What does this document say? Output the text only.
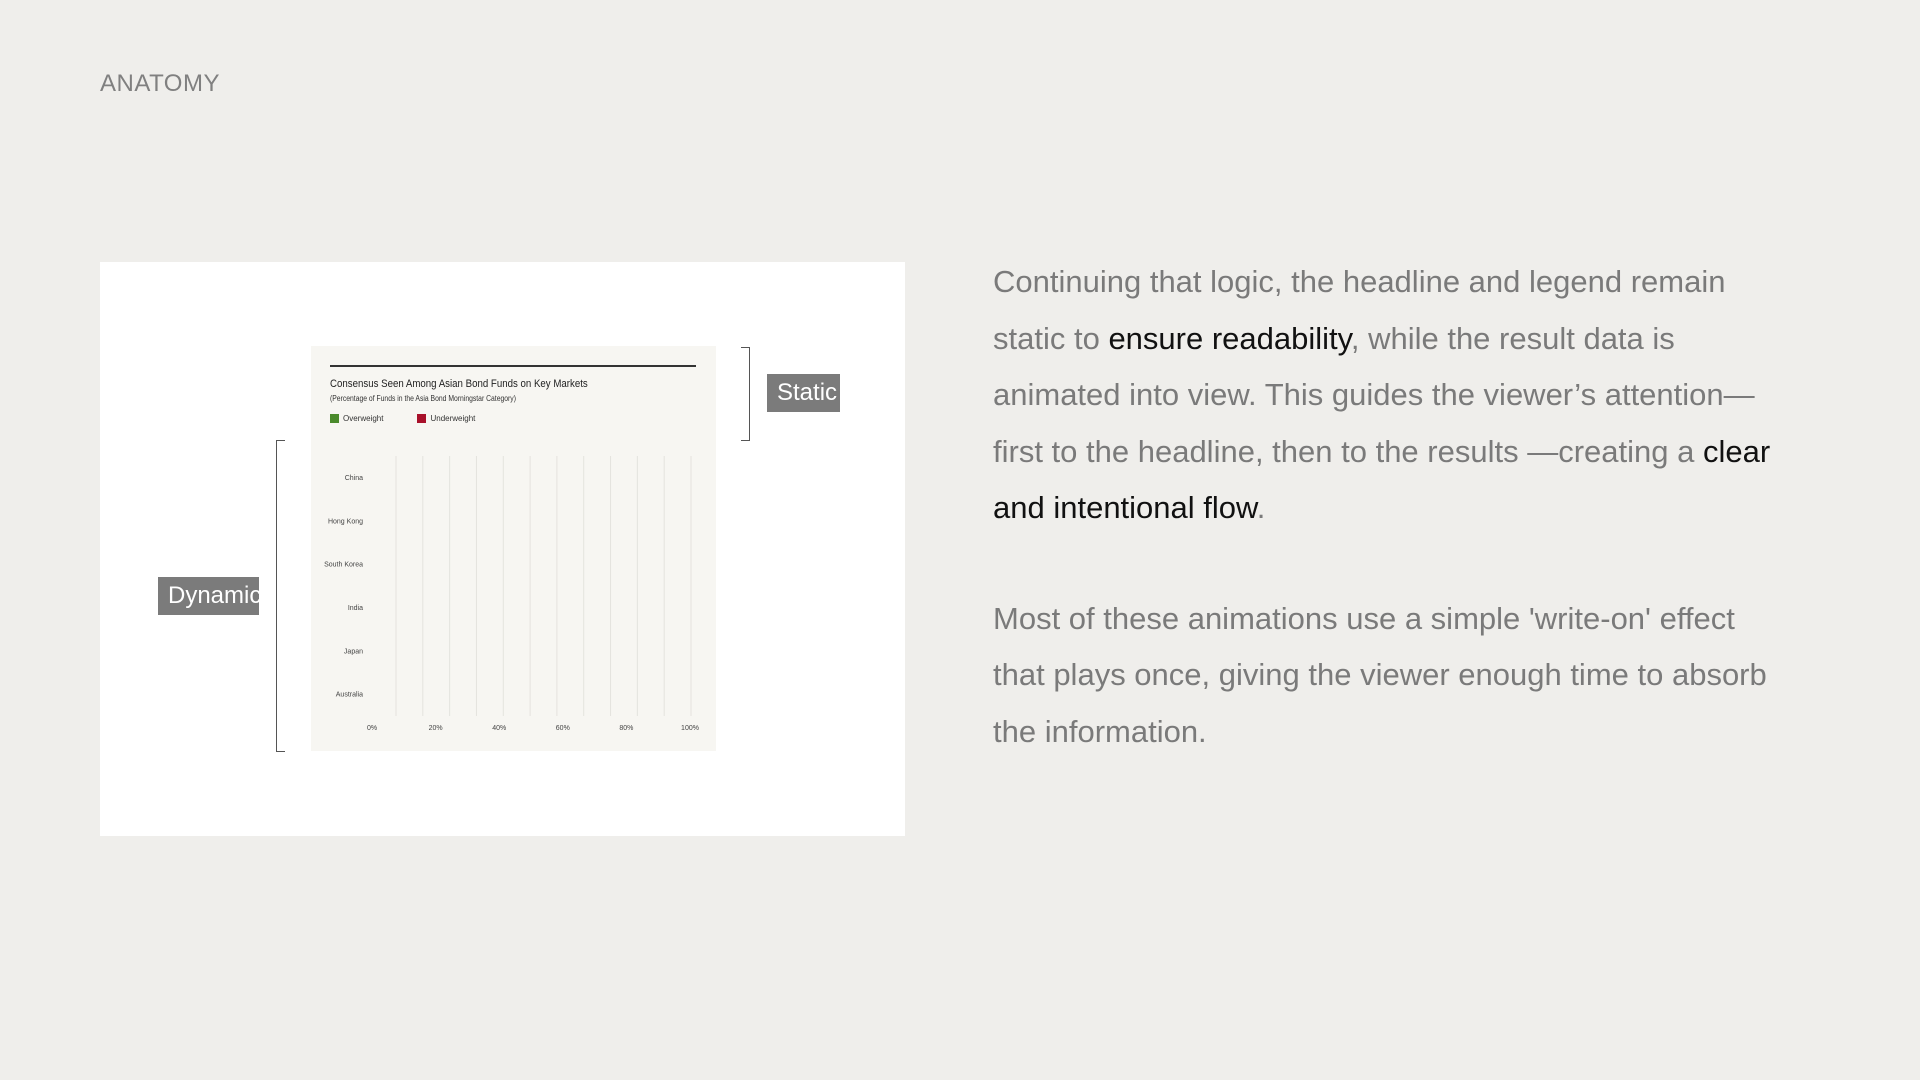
ANATOMY
China
Hong Kong
South Korea
India
Japan
Australia
0%	20%	40%	60%	80%	100%
Consensus Seen Among Asian Bond Funds on Key Markets
(Percentage of Funds in the Asia Bond Morningstar Category)
Overweight	Underweight
Static
Dynamic

Continuing that logic, the headline and legend remain static to ensure readability, while the result data is animated into view. This guides the viewer’s attention—first to the headline, then to the results —creating a clear and intentional flow.

Most of these animations use a simple 'write-on' effect that plays once, giving the viewer enough time to absorb the information.
